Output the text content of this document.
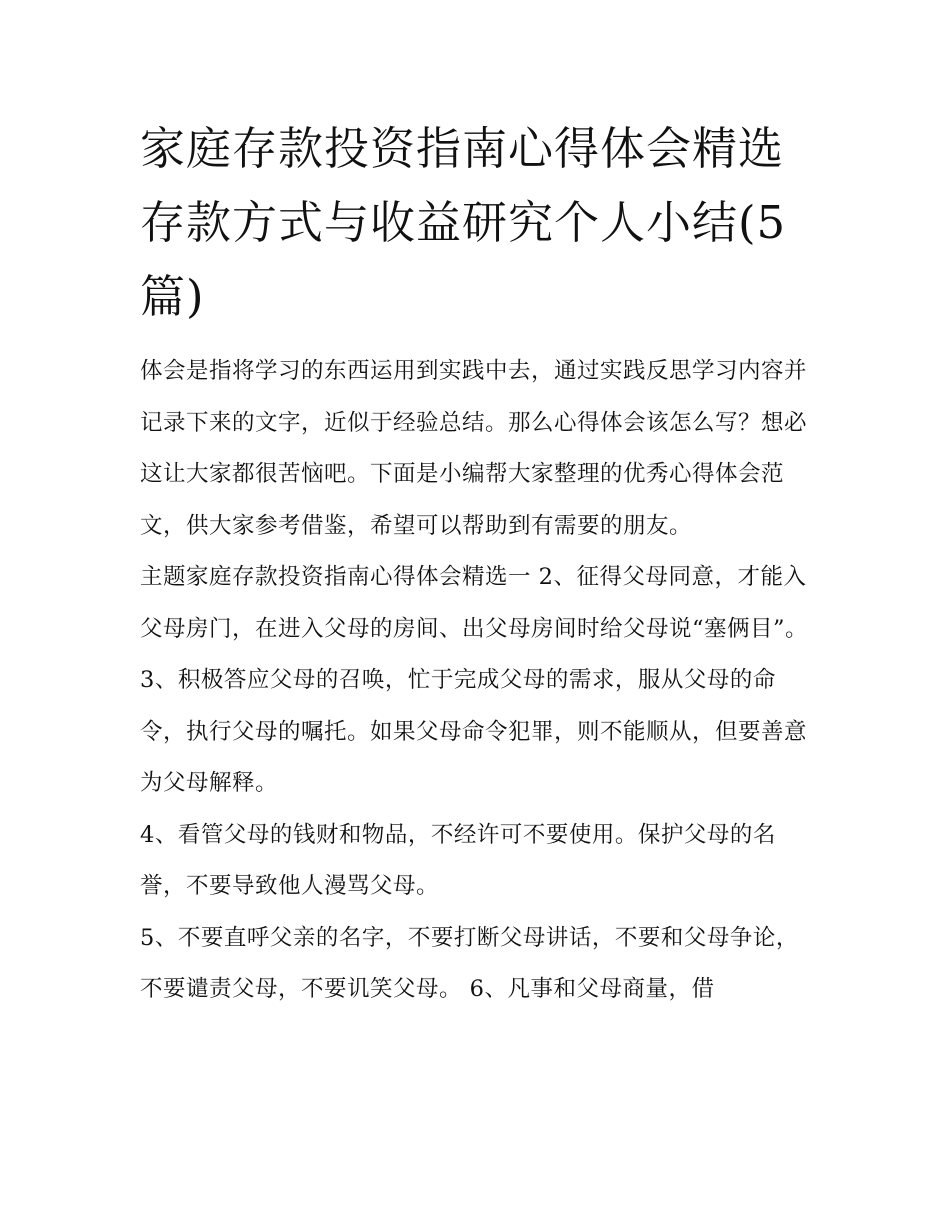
家庭存款投资指南心得体会精选 存款方式与收益研究个人小结(5篇)

体会是指将学习的东西运用到实践中去，通过实践反思学习内容并记录下来的文字，近似于经验总结。那么心得体会该怎么写？想必这让大家都很苦恼吧。下面是小编帮大家整理的优秀心得体会范文，供大家参考借鉴，希望可以帮助到有需要的朋友。

主题家庭存款投资指南心得体会精选一 2、征得父母同意，才能入父母房门，在进入父母的房间、出父母房间时给父母说“塞俩目”。

3、积极答应父母的召唤，忙于完成父母的需求，服从父母的命令，执行父母的嘱托。如果父母命令犯罪，则不能顺从，但要善意为父母解释。

4、看管父母的钱财和物品，不经许可不要使用。保护父母的名誉，不要导致他人漫骂父母。

5、不要直呼父亲的名字，不要打断父母讲话，不要和父母争论，不要谴责父母，不要讥笑父母。 6、凡事和父母商量，借
